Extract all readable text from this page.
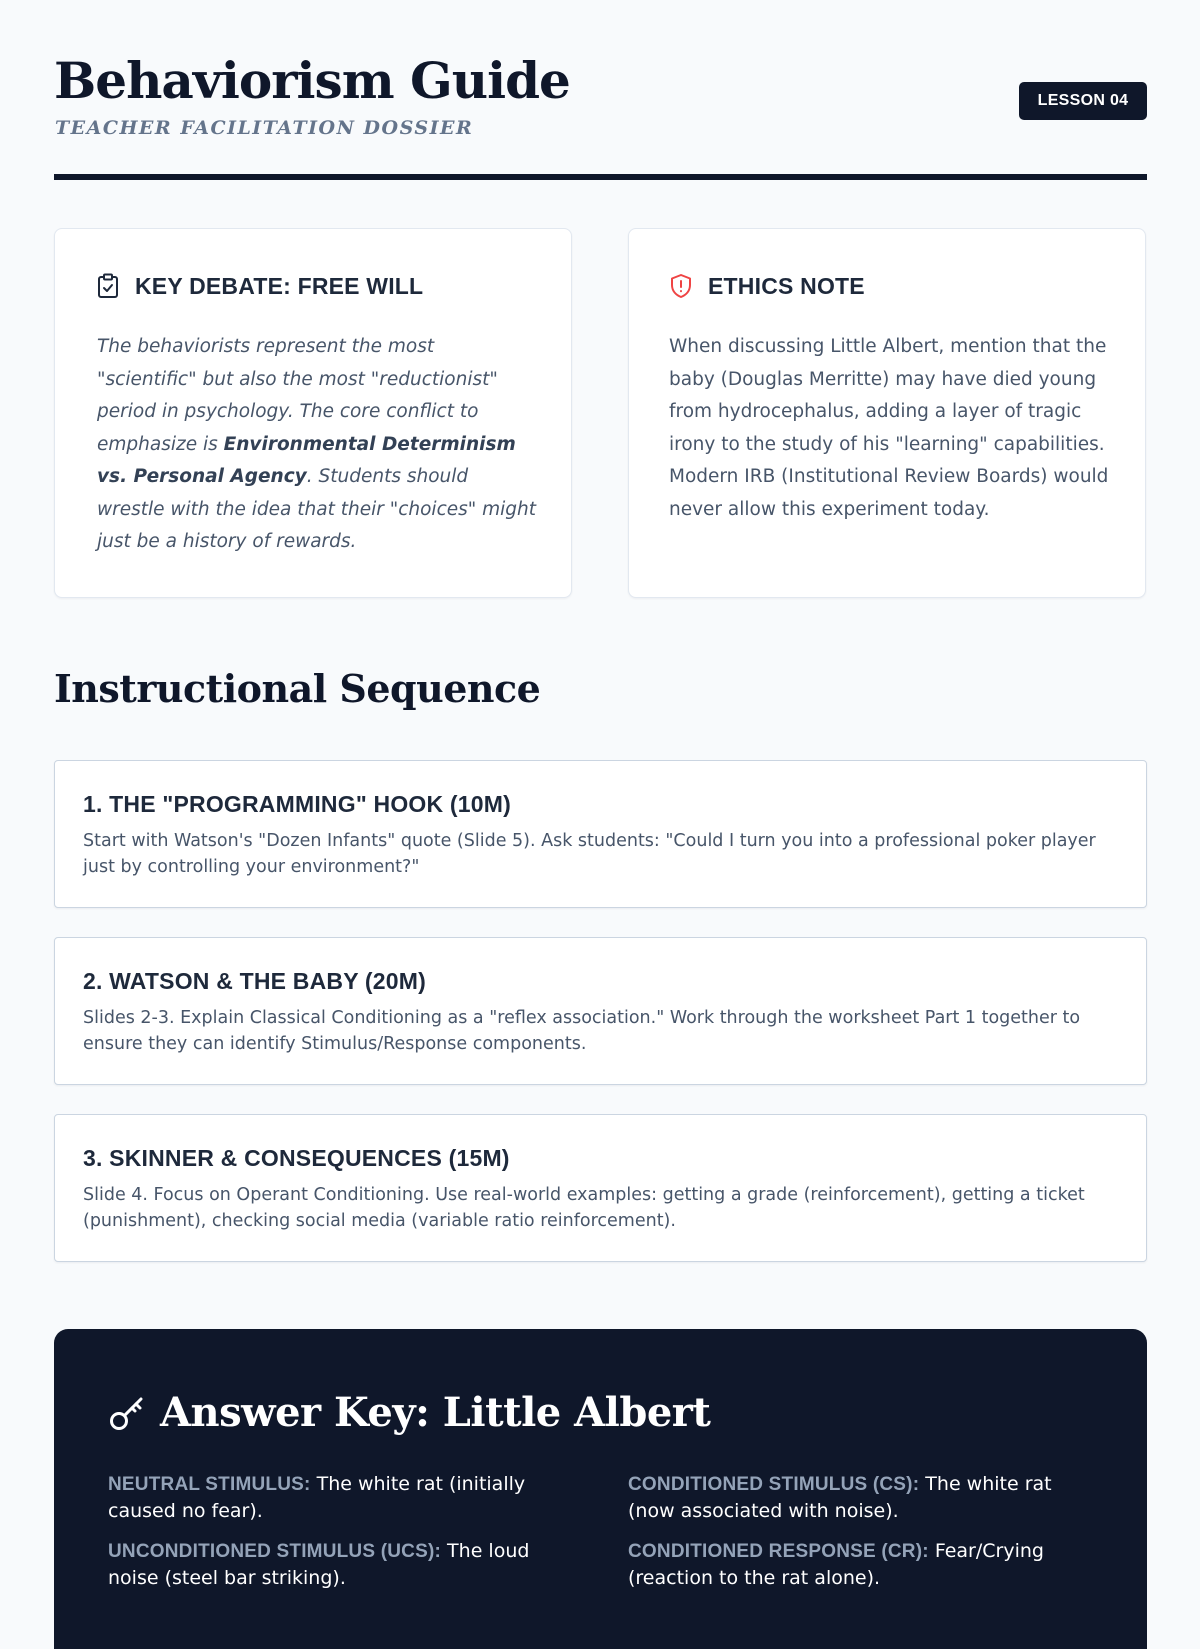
Behaviorism Guide
TEACHER FACILITATION DOSSIER
LESSON 04
KEY DEBATE: FREE WILL

The behaviorists represent the most "scientific" but also the most "reductionist" period in psychology. The core conflict to emphasize is Environmental Determinism vs. Personal Agency. Students should wrestle with the idea that their "choices" might just be a history of rewards.

ETHICS NOTE

When discussing Little Albert, mention that the baby (Douglas Merritte) may have died young from hydrocephalus, adding a layer of tragic irony to the study of his "learning" capabilities. Modern IRB (Institutional Review Boards) would never allow this experiment today.

Instructional Sequence
1. THE "PROGRAMMING" HOOK (10M)
Start with Watson's "Dozen Infants" quote (Slide 5). Ask students: "Could I turn you into a professional poker player just by controlling your environment?"
2. WATSON & THE BABY (20M)
Slides 2-3. Explain Classical Conditioning as a "reflex association." Work through the worksheet Part 1 together to ensure they can identify Stimulus/Response components.
3. SKINNER & CONSEQUENCES (15M)
Slide 4. Focus on Operant Conditioning. Use real-world examples: getting a grade (reinforcement), getting a ticket (punishment), checking social media (variable ratio reinforcement).
Answer Key: Little Albert
NEUTRAL STIMULUS: The white rat (initially caused no fear).
CONDITIONED STIMULUS (CS): The white rat (now associated with noise).
UNCONDITIONED STIMULUS (UCS): The loud noise (steel bar striking).
CONDITIONED RESPONSE (CR): Fear/Crying (reaction to the rat alone).
